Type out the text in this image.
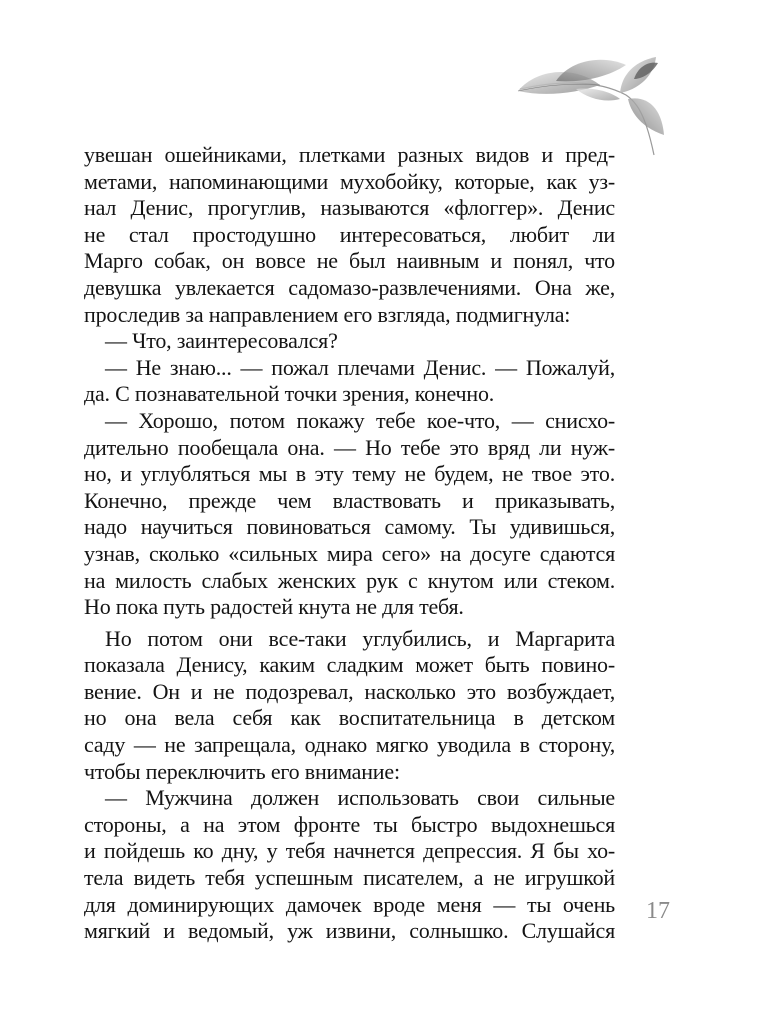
увешан ошейниками, плетками разных видов и пред-
метами, напоминающими мухобойку, которые, как уз-
нал Денис, прогуглив, называются «флоггер». Денис
не стал простодушно интересоваться, любит ли
Марго собак, он вовсе не был наивным и понял, что
девушка увлекается садомазо-развлечениями. Она же,
проследив за направлением его взгляда, подмигнула:
— Что, заинтересовался?
— Не знаю... — пожал плечами Денис. — Пожалуй,
да. С познавательной точки зрения, конечно.
— Хорошо, потом покажу тебе кое-что, — снисхо-
дительно пообещала она. — Но тебе это вряд ли нуж-
но, и углубляться мы в эту тему не будем, не твое это.
Конечно, прежде чем властвовать и приказывать,
надо научиться повиноваться самому. Ты удивишься,
узнав, сколько «сильных мира сего» на досуге сдаются
на милость слабых женских рук с кнутом или стеком.
Но пока путь радостей кнута не для тебя.
Но потом они все-таки углубились, и Маргарита
показала Денису, каким сладким может быть повино-
вение. Он и не подозревал, насколько это возбуждает,
но она вела себя как воспитательница в детском
саду — не запрещала, однако мягко уводила в сторону,
чтобы переключить его внимание:
— Мужчина должен использовать свои сильные
стороны, а на этом фронте ты быстро выдохнешься
и пойдешь ко дну, у тебя начнется депрессия. Я бы хо-
тела видеть тебя успешным писателем, а не игрушкой
для доминирующих дамочек вроде меня — ты очень
мягкий и ведомый, уж извини, солнышко. Слушайся
17
